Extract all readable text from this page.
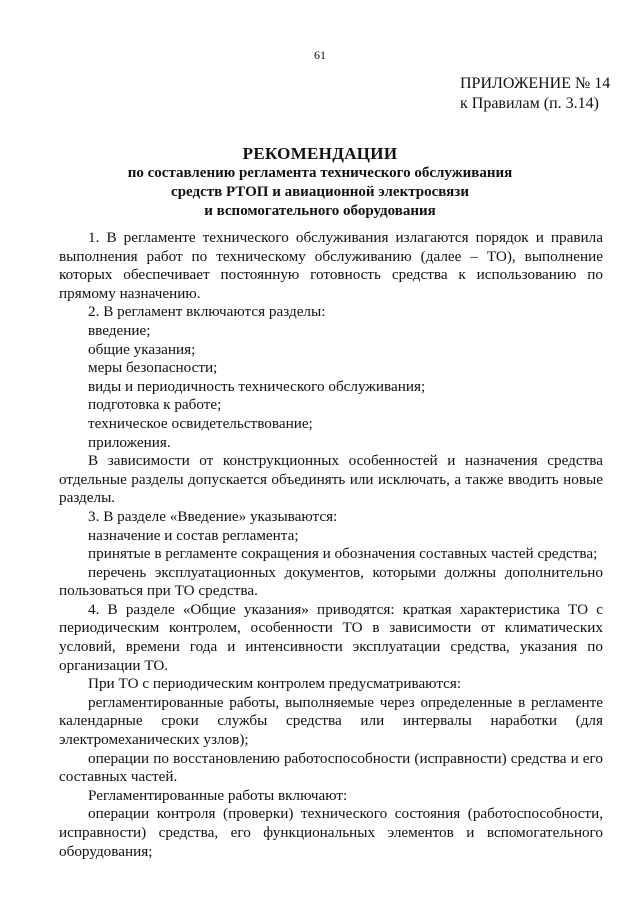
61
ПРИЛОЖЕНИЕ № 14
к Правилам (п. 3.14)
РЕКОМЕНДАЦИИ
по составлению регламента технического обслуживания
средств РТОП и авиационной электросвязи
и вспомогательного оборудования

1. В регламенте технического обслуживания излагаются порядок и правила

выполнения работ по техническому обслуживанию (далее – ТО), выполнение

которых обеспечивает постоянную готовность средства к использованию по

прямому назначению.

2. В регламент включаются разделы:

введение;

общие указания;

меры безопасности;

виды и периодичность технического обслуживания;

подготовка к работе;

техническое освидетельствование;

приложения.

В зависимости от конструкционных особенностей и назначения средства

отдельные разделы допускается объединять или исключать, а также вводить новые

разделы.

3. В разделе «Введение» указываются:

назначение и состав регламента;

принятые в регламенте сокращения и обозначения составных частей средства;

перечень эксплуатационных документов, которыми должны дополнительно

пользоваться при ТО средства.

4. В разделе «Общие указания» приводятся: краткая характеристика ТО с

периодическим контролем, особенности ТО в зависимости от климатических

условий, времени года и интенсивности эксплуатации средства, указания по

организации ТО.

При ТО с периодическим контролем предусматриваются:

регламентированные работы, выполняемые через определенные в регламенте

календарные сроки службы средства или интервалы наработки (для

электромеханических узлов);

операции по восстановлению работоспособности (исправности) средства и его

составных частей.

Регламентированные работы включают:

операции контроля (проверки) технического состояния (работоспособности,

исправности) средства, его функциональных элементов и вспомогательного

оборудования;
